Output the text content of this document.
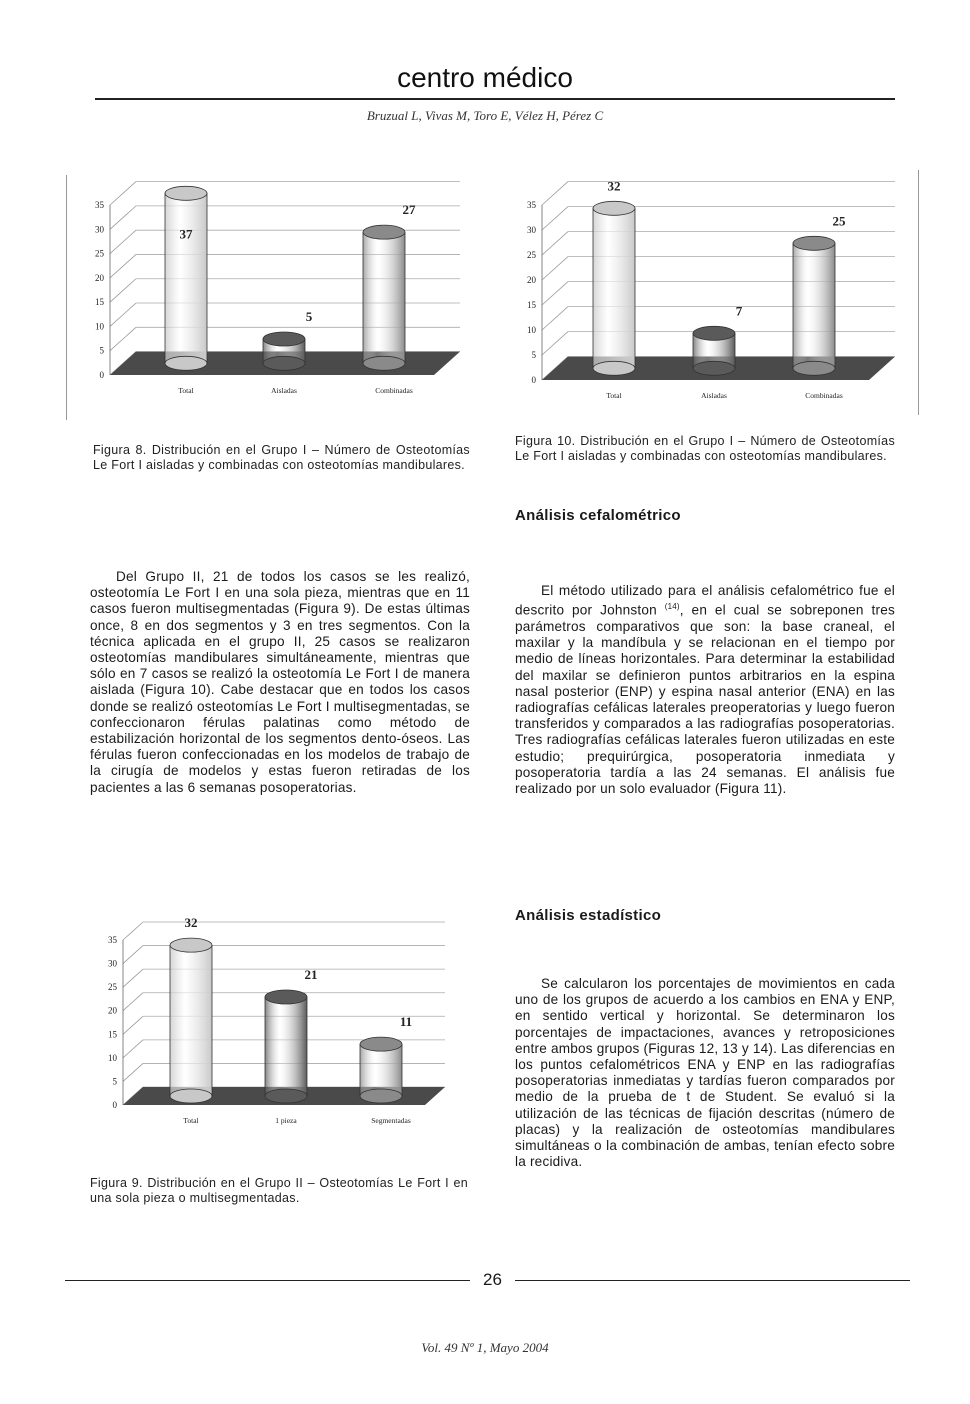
centro médico
Bruzual L, Vivas M, Toro E, Vélez H, Pérez C
0
5
10
15
20
25
30
35
37
Total
5
Aisladas
27
Combinadas
0
5
10
15
20
25
30
35
32
Total
7
Aisladas
25
Combinadas
0
5
10
15
20
25
30
35
32
Total
21
1 pieza
11
Segmentadas
Figura 8. Distribución en el Grupo I – Número de Osteotomías Le Fort I aisladas y combinadas con osteotomías mandibulares.
Figura 10. Distribución en el Grupo I – Número de Osteotomías Le Fort I aisladas y combinadas con osteotomías mandibulares.
Análisis cefalométrico

Del Grupo II, 21 de todos los casos se les realizó, osteotomía Le Fort I en una sola pieza, mientras que en 11 casos fueron multisegmentadas (Figura 9). De estas últimas once, 8 en dos segmentos y 3 en tres segmentos. Con la técnica aplicada en el grupo II, 25 casos se realizaron osteotomías mandibulares simultáneamente, mientras que sólo en 7 casos se realizó la osteotomía Le Fort I de manera aislada (Figura 10). Cabe destacar que en todos los casos donde se realizó osteotomías Le Fort I multisegmentadas, se confeccionaron férulas palatinas como método de estabilización horizontal de los segmentos dento-óseos. Las férulas fueron confeccionadas en los modelos de trabajo de la cirugía de modelos y estas fueron retiradas de los pacientes a las 6 semanas posoperatorias.

El método utilizado para el análisis cefalométrico fue el descrito por Johnston $^{(14)}$, en el cual se sobreponen tres parámetros comparativos que son: la base craneal, el maxilar y la mandíbula y se relacionan en el tiempo por medio de líneas horizontales. Para determinar la estabilidad del maxilar se definieron puntos arbitrarios en la espina nasal posterior (ENP) y espina nasal anterior (ENA) en las radiografías cefálicas laterales preoperatorias y luego fueron transferidos y comparados a las radiografías posoperatorias. Tres radiografías cefálicas laterales fueron utilizadas en este estudio; prequirúrgica, posoperatoria inmediata y posoperatoria tardía a las 24 semanas. El análisis fue realizado por un solo evaluador (Figura 11).

Análisis estadístico

Se calcularon los porcentajes de movimientos en cada uno de los grupos de acuerdo a los cambios en ENA y ENP, en sentido vertical y horizontal. Se determinaron los porcentajes de impactaciones, avances y retroposiciones entre ambos grupos (Figuras 12, 13 y 14). Las diferencias en los puntos cefalométricos ENA y ENP en las radiografías posoperatorias inmediatas y tardías fueron comparados por medio de la prueba de t de Student. Se evaluó si la utilización de las técnicas de fijación descritas (número de placas) y la realización de osteotomías mandibulares simultáneas o la combinación de ambas, tenían efecto sobre la recidiva.

Figura 9. Distribución en el Grupo II – Osteotomías Le Fort I en una sola pieza o multisegmentadas.
26
Vol. 49 Nº 1, Mayo 2004
